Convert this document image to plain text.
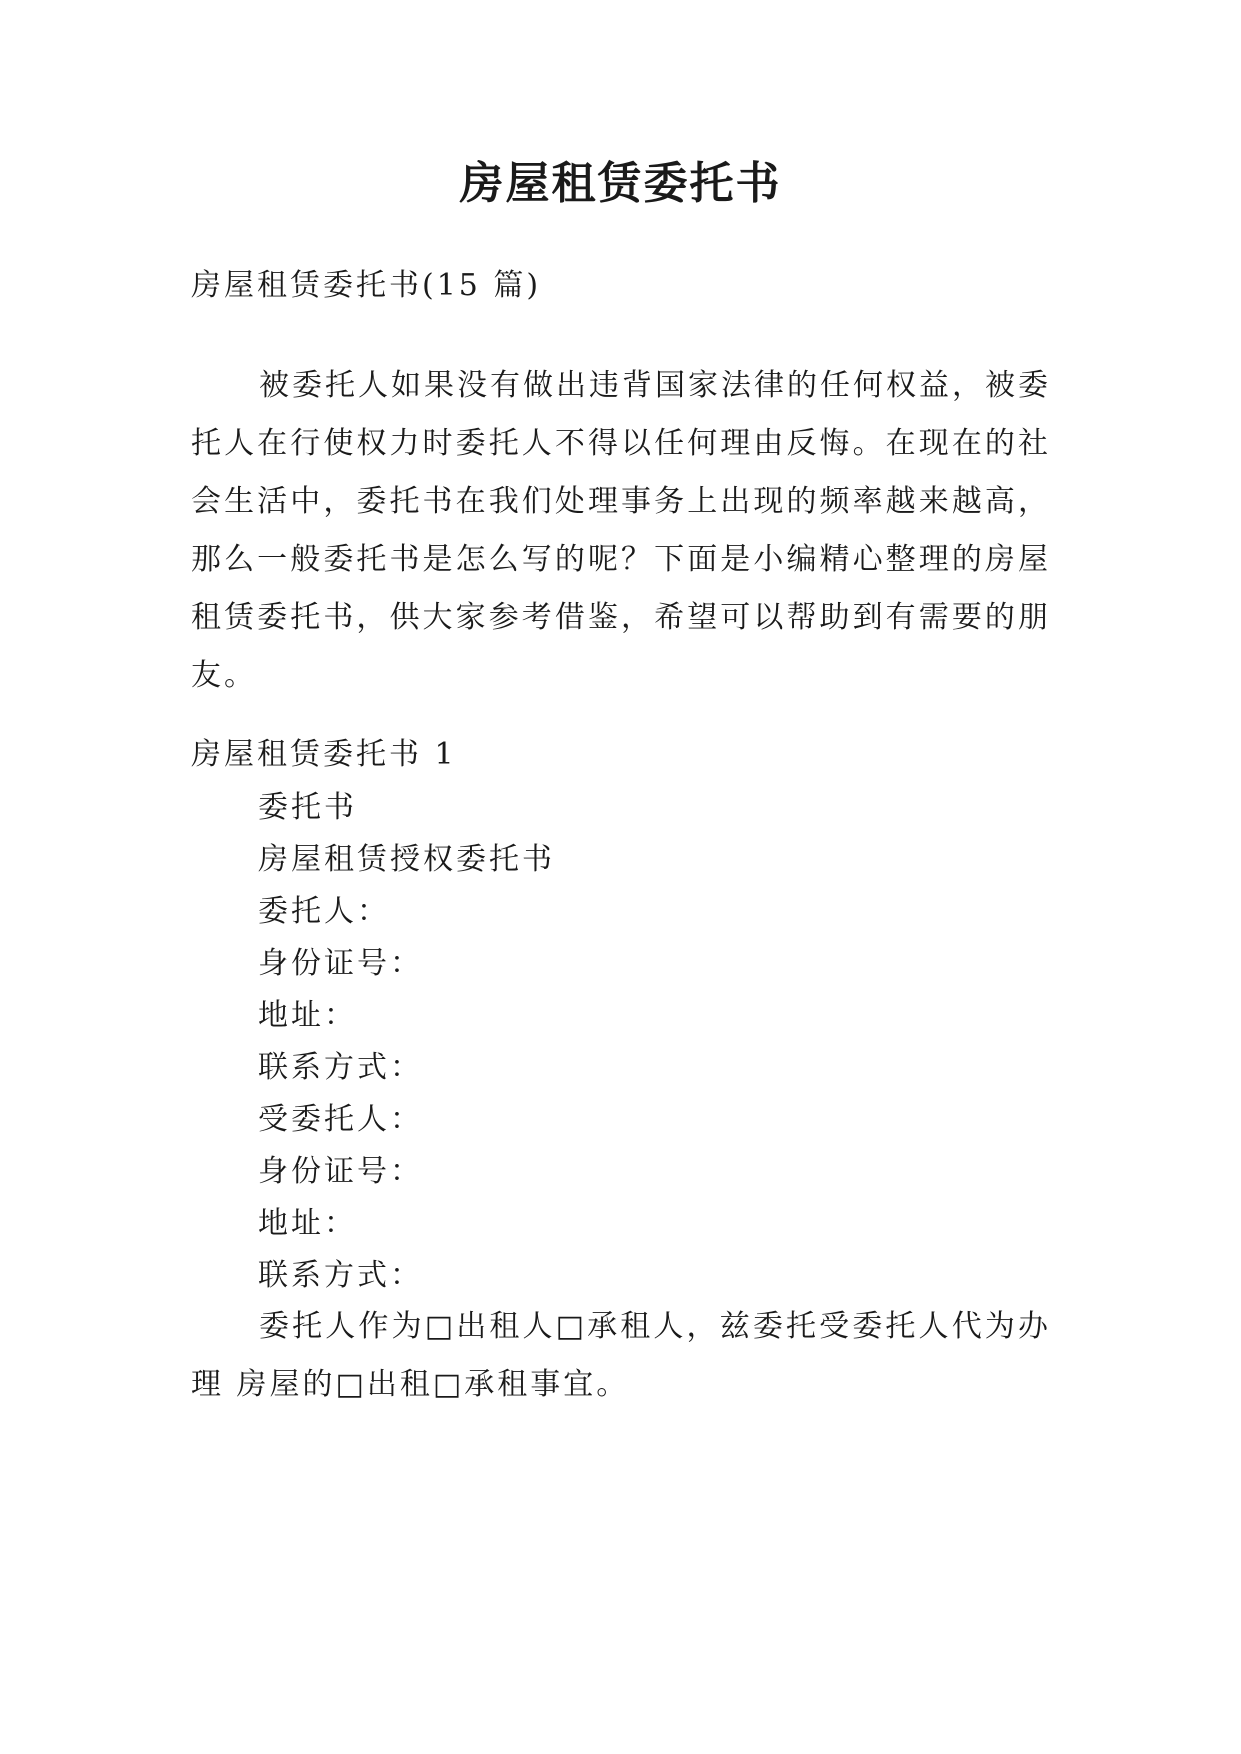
房屋租赁委托书
房屋租赁委托书(15 篇)
被委托人如果没有做出违背国家法律的任何权益，被委托人在行使权力时委托人不得以任何理由反悔。在现在的社会生活中，委托书在我们处理事务上出现的频率越来越高，那么一般委托书是怎么写的呢？下面是小编精心整理的房屋租赁委托书，供大家参考借鉴，希望可以帮助到有需要的朋友。
房屋租赁委托书 1
委托书
房屋租赁授权委托书
委托人：
身份证号：
地址：
联系方式：
受委托人：
身份证号：
地址：
联系方式：
委托人作为□出租人□承租人，兹委托受委托人代为办理 房屋的□出租□承租事宜。
